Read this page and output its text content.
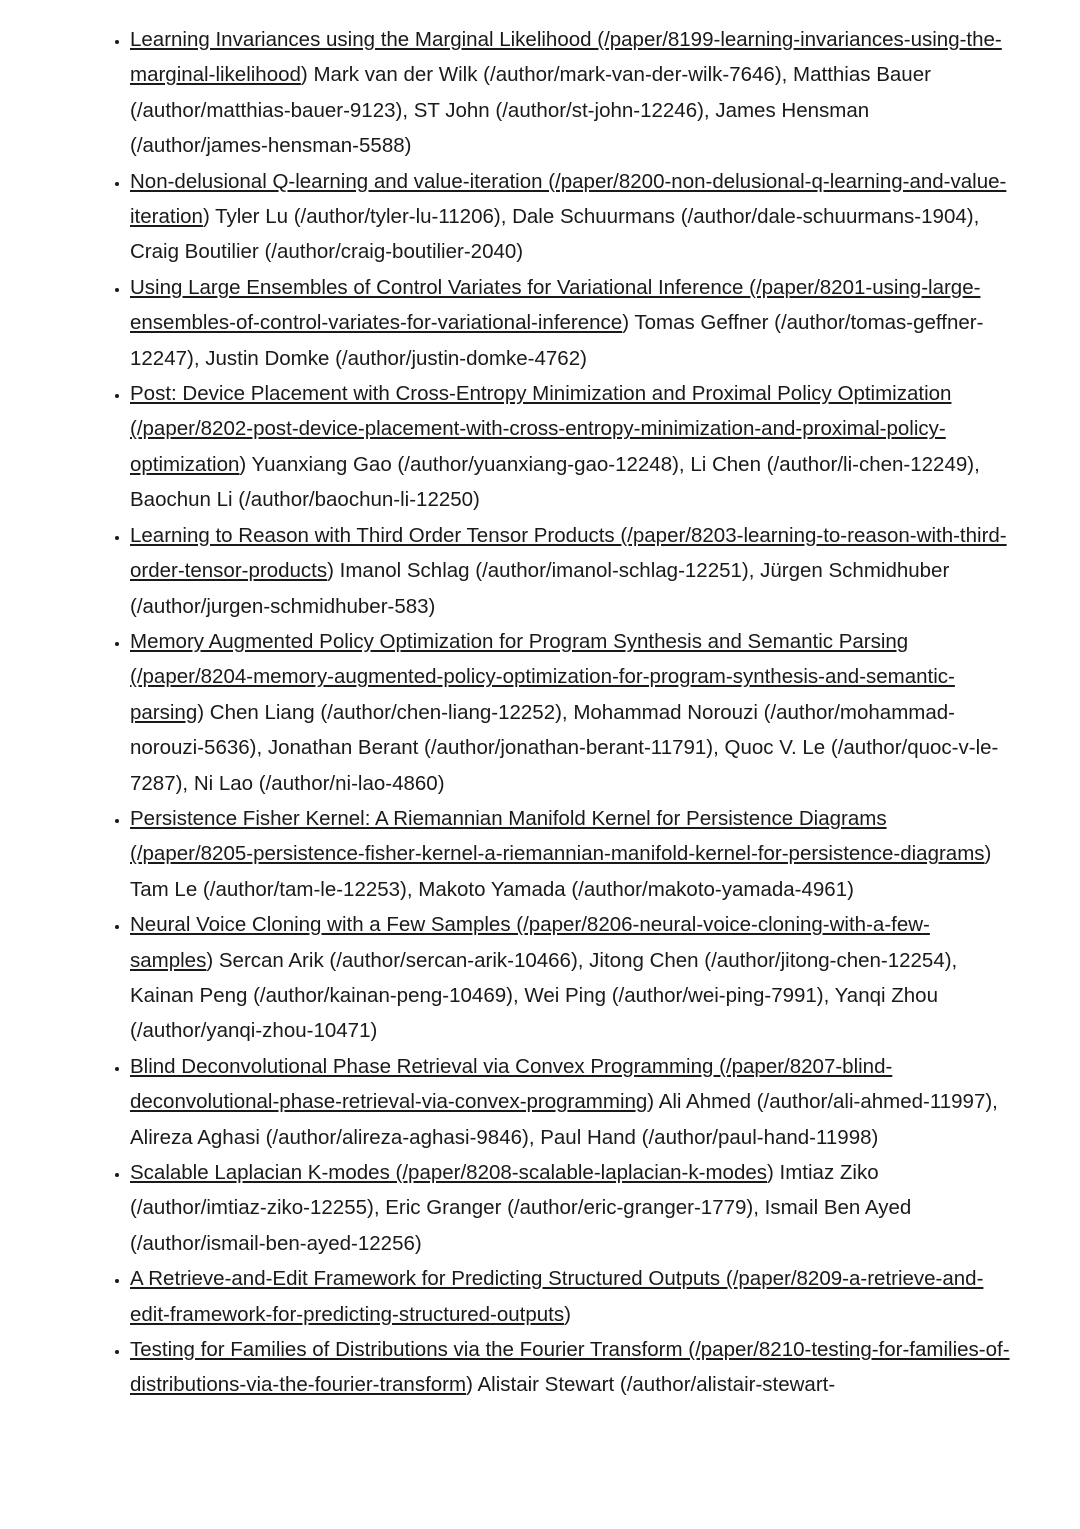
• Learning Invariances using the Marginal Likelihood (/paper/8199-learning-invariances-using-the-marginal-likelihood) Mark van der Wilk (/author/mark-van-der-wilk-7646), Matthias Bauer (/author/matthias-bauer-9123), ST John (/author/st-john-12246), James Hensman (/author/james-hensman-5588)
• Non-delusional Q-learning and value-iteration (/paper/8200-non-delusional-q-learning-and-value-iteration) Tyler Lu (/author/tyler-lu-11206), Dale Schuurmans (/author/dale-schuurmans-1904), Craig Boutilier (/author/craig-boutilier-2040)
• Using Large Ensembles of Control Variates for Variational Inference (/paper/8201-using-large-ensembles-of-control-variates-for-variational-inference) Tomas Geffner (/author/tomas-geffner-12247), Justin Domke (/author/justin-domke-4762)
• Post: Device Placement with Cross-Entropy Minimization and Proximal Policy Optimization (/paper/8202-post-device-placement-with-cross-entropy-minimization-and-proximal-policy-optimization) Yuanxiang Gao (/author/yuanxiang-gao-12248), Li Chen (/author/li-chen-12249), Baochun Li (/author/baochun-li-12250)
• Learning to Reason with Third Order Tensor Products (/paper/8203-learning-to-reason-with-third-order-tensor-products) Imanol Schlag (/author/imanol-schlag-12251), Jürgen Schmidhuber (/author/jurgen-schmidhuber-583)
• Memory Augmented Policy Optimization for Program Synthesis and Semantic Parsing (/paper/8204-memory-augmented-policy-optimization-for-program-synthesis-and-semantic-parsing) Chen Liang (/author/chen-liang-12252), Mohammad Norouzi (/author/mohammad-norouzi-5636), Jonathan Berant (/author/jonathan-berant-11791), Quoc V. Le (/author/quoc-v-le-7287), Ni Lao (/author/ni-lao-4860)
• Persistence Fisher Kernel: A Riemannian Manifold Kernel for Persistence Diagrams (/paper/8205-persistence-fisher-kernel-a-riemannian-manifold-kernel-for-persistence-diagrams) Tam Le (/author/tam-le-12253), Makoto Yamada (/author/makoto-yamada-4961)
• Neural Voice Cloning with a Few Samples (/paper/8206-neural-voice-cloning-with-a-few-samples) Sercan Arik (/author/sercan-arik-10466), Jitong Chen (/author/jitong-chen-12254), Kainan Peng (/author/kainan-peng-10469), Wei Ping (/author/wei-ping-7991), Yanqi Zhou (/author/yanqi-zhou-10471)
• Blind Deconvolutional Phase Retrieval via Convex Programming (/paper/8207-blind-deconvolutional-phase-retrieval-via-convex-programming) Ali Ahmed (/author/ali-ahmed-11997), Alireza Aghasi (/author/alireza-aghasi-9846), Paul Hand (/author/paul-hand-11998)
• Scalable Laplacian K-modes (/paper/8208-scalable-laplacian-k-modes) Imtiaz Ziko (/author/imtiaz-ziko-12255), Eric Granger (/author/eric-granger-1779), Ismail Ben Ayed (/author/ismail-ben-ayed-12256)
• A Retrieve-and-Edit Framework for Predicting Structured Outputs (/paper/8209-a-retrieve-and-edit-framework-for-predicting-structured-outputs)
• Testing for Families of Distributions via the Fourier Transform (/paper/8210-testing-for-families-of-distributions-via-the-fourier-transform) Alistair Stewart (/author/alistair-stewart-
